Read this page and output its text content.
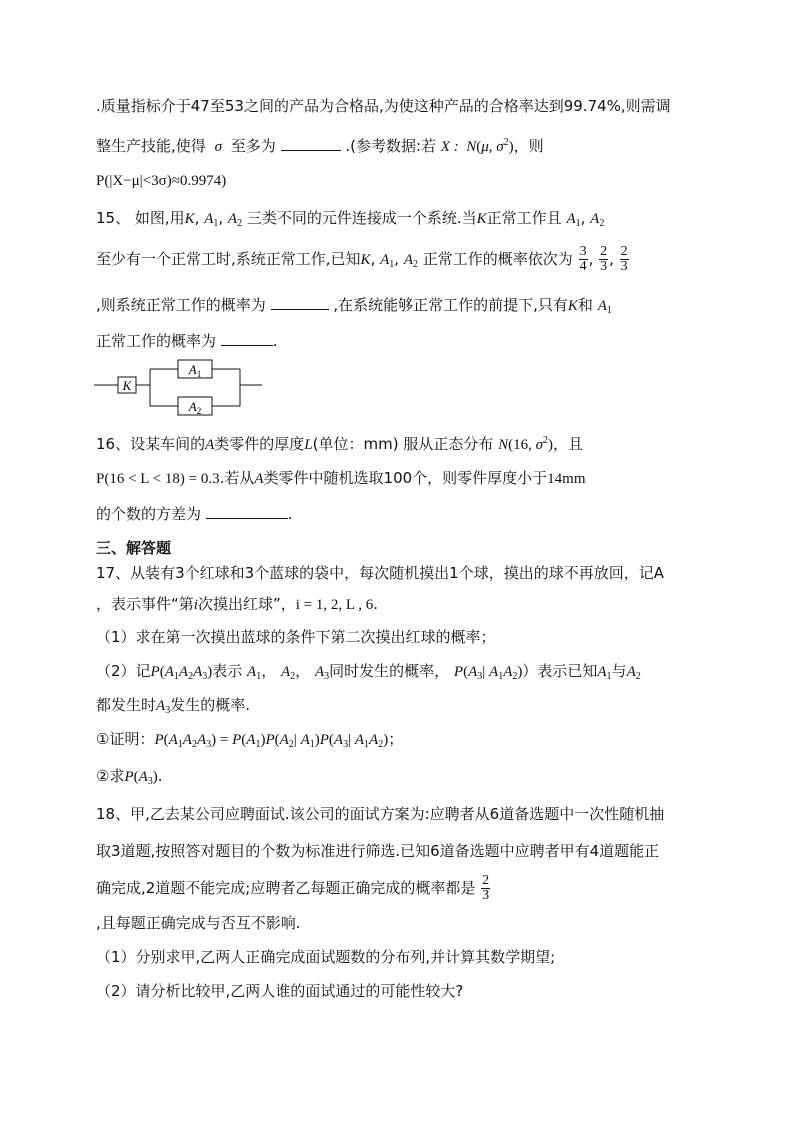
.质量指标介于47至53之间的产品为合格品,为使这种产品的合格率达到99.74%,则需调
整生产技能,使得 σ 至多为	.(参考数据:若 X :  N(μ, $\sigma^2$)，则
P(|X−μ|<3σ)≈0.9974)
15、 如图,用K, $A_1$, $A_2$ 三类不同的元件连接成一个系统.当K正常工作且 $A_1$, $A_2$
至少有一个正常工时,系统正常工作,已知K, $A_1$, $A_2$ 正常工作的概率依次为 $\frac{3}{4}$ , $\frac{2}{3}$ , $\frac{2}{3}$
,则系统正常工作的概率为	,在系统能够正常工作的前提下,只有K和 $A_1$
正常工作的概率为	.
K
$A_1$
$A_2$
16、设某车间的A类零件的厚度L(单位：mm) 服从正态分布 N(16, $\sigma^2$)，且
P(16 < L < 18) = 0.3.若从A类零件中随机选取100个，则零件厚度小于14mm
的个数的方差为	.
三、解答题
17、从装有3个红球和3个蓝球的袋中，每次随机摸出1个球，摸出的球不再放回，记A
，表示事件“第i次摸出红球”，i = 1, 2, L , 6.
（1）求在第一次摸出蓝球的条件下第二次摸出红球的概率；
（2）记$P(A_1A_2A_3)$表示 $A_1$， $A_2$， $A_3$同时发生的概率， $P(A_3|$ $A_1A_2$)）表示已知$A_1$与$A_2$
都发生时$A_3$发生的概率.
①证明：$P(A_1A_2A_3) = P(A_1)P(A_2|$ $A_1)P(A_3|$ $A_1A_2$)；
②求$P(A_3)$.
18、甲,乙去某公司应聘面试.该公司的面试方案为:应聘者从6道备选题中一次性随机抽
取3道题,按照答对题目的个数为标准进行筛选.已知6道备选题中应聘者甲有4道题能正
确完成,2道题不能完成;应聘者乙每题正确完成的概率都是 $\frac{2}{3}$
,且每题正确完成与否互不影响.
（1）分别求甲,乙两人正确完成面试题数的分布列,并计算其数学期望;
（2）请分析比较甲,乙两人谁的面试通过的可能性较大?
